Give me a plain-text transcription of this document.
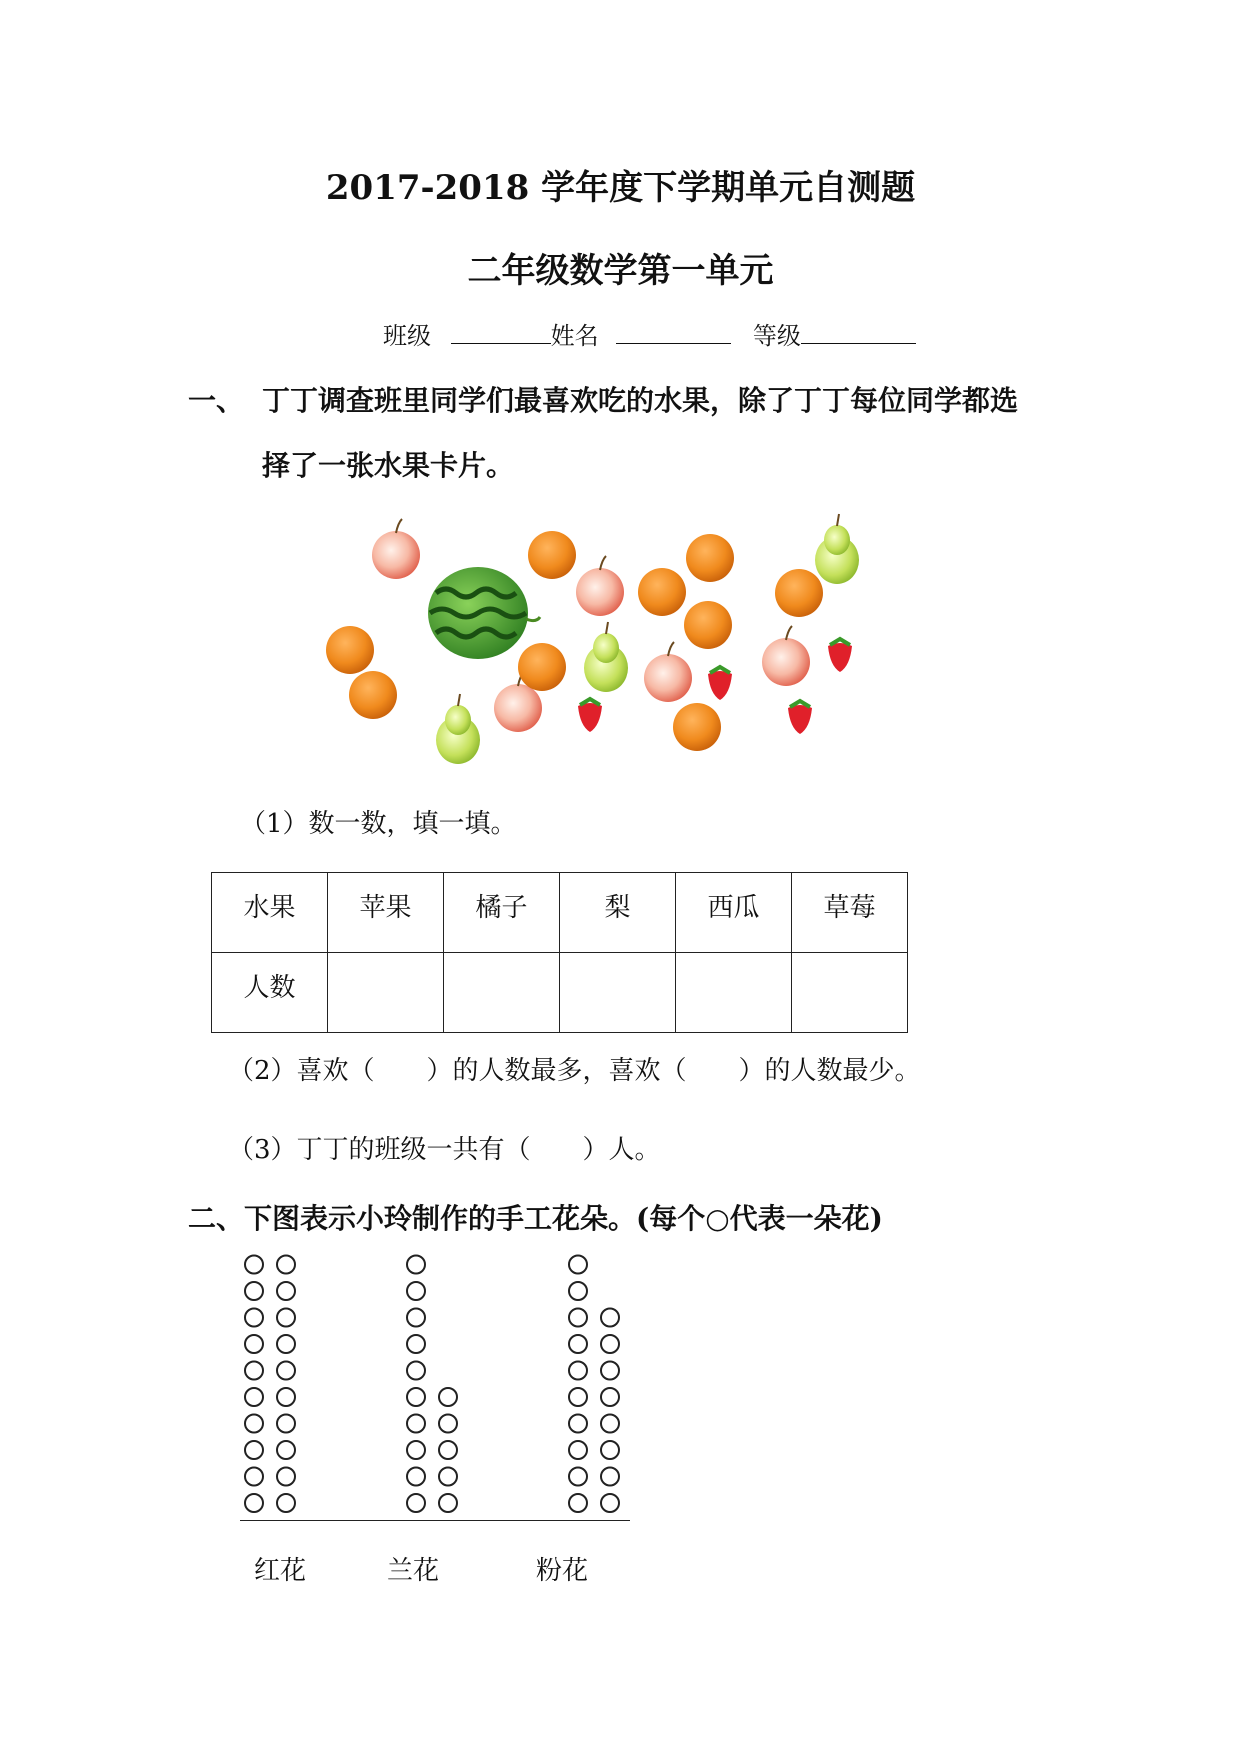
2017-2018 学年度下学期单元自测题
二年级数学第一单元
班级	姓名	等级
一、 丁丁调查班里同学们最喜欢吃的水果，除了丁丁每位同学都选
择了一张水果卡片。
（1）数一数，填一填。
水果	苹果	橘子	梨	西瓜	草莓
人数					
（2）喜欢（　　）的人数最多，喜欢（　　）的人数最少。
（3）丁丁的班级一共有（　　）人。
二、下图表示小玲制作的手工花朵。(每个○代表一朵花)
红花	兰花	粉花
